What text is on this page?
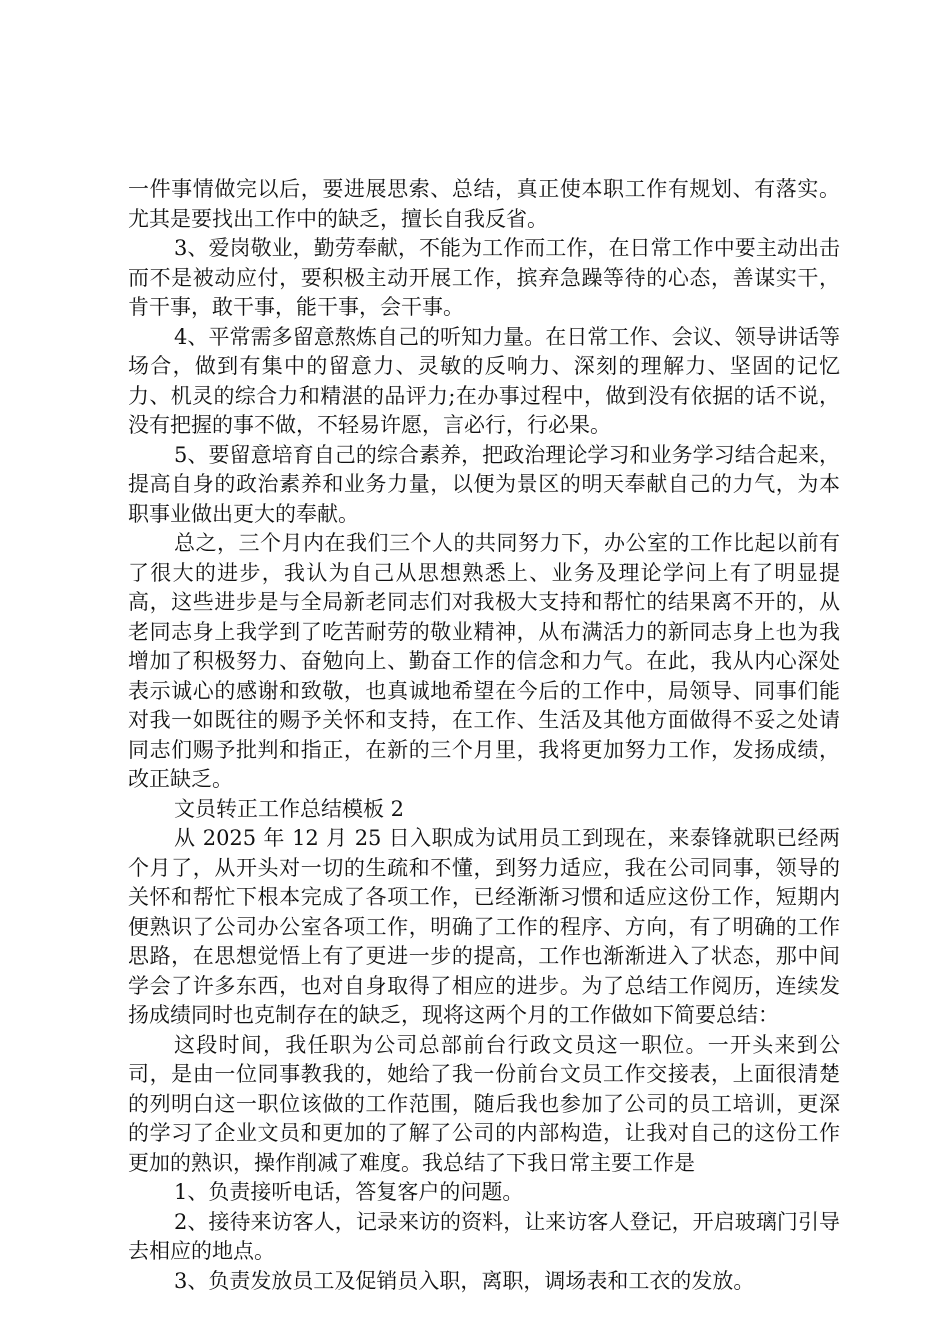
一件事情做完以后，要进展思索、总结，真正使本职工作有规划、有落实。尤其是要找出工作中的缺乏，擅长自我反省。

3、爱岗敬业，勤劳奉献，不能为工作而工作，在日常工作中要主动出击而不是被动应付，要积极主动开展工作，摈弃急躁等待的心态，善谋实干，肯干事，敢干事，能干事，会干事。

4、平常需多留意熬炼自己的听知力量。在日常工作、会议、领导讲话等场合，做到有集中的留意力、灵敏的反响力、深刻的理解力、坚固的记忆力、机灵的综合力和精湛的品评力;在办事过程中，做到没有依据的话不说，没有把握的事不做，不轻易许愿，言必行，行必果。

5、要留意培育自己的综合素养，把政治理论学习和业务学习结合起来，提高自身的政治素养和业务力量，以便为景区的明天奉献自己的力气，为本职事业做出更大的奉献。

总之，三个月内在我们三个人的共同努力下，办公室的工作比起以前有了很大的进步，我认为自己从思想熟悉上、业务及理论学问上有了明显提高，这些进步是与全局新老同志们对我极大支持和帮忙的结果离不开的，从老同志身上我学到了吃苦耐劳的敬业精神，从布满活力的新同志身上也为我增加了积极努力、奋勉向上、勤奋工作的信念和力气。在此，我从内心深处表示诚心的感谢和致敬，也真诚地希望在今后的工作中，局领导、同事们能对我一如既往的赐予关怀和支持，在工作、生活及其他方面做得不妥之处请同志们赐予批判和指正，在新的三个月里，我将更加努力工作，发扬成绩，改正缺乏。

文员转正工作总结模板 2

从 2025 年 12 月 25 日入职成为试用员工到现在，来泰锋就职已经两个月了，从开头对一切的生疏和不懂，到努力适应，我在公司同事，领导的关怀和帮忙下根本完成了各项工作，已经渐渐习惯和适应这份工作，短期内便熟识了公司办公室各项工作，明确了工作的程序、方向，有了明确的工作思路，在思想觉悟上有了更进一步的提高，工作也渐渐进入了状态，那中间学会了许多东西，也对自身取得了相应的进步。为了总结工作阅历，连续发扬成绩同时也克制存在的缺乏，现将这两个月的工作做如下简要总结：

这段时间，我任职为公司总部前台行政文员这一职位。一开头来到公司，是由一位同事教我的，她给了我一份前台文员工作交接表，上面很清楚的列明白这一职位该做的工作范围，随后我也参加了公司的员工培训，更深的学习了企业文员和更加的了解了公司的内部构造，让我对自己的这份工作更加的熟识，操作削减了难度。我总结了下我日常主要工作是

1、负责接听电话，答复客户的问题。

2、接待来访客人，记录来访的资料，让来访客人登记，开启玻璃门引导去相应的地点。

3、负责发放员工及促销员入职，离职，调场表和工衣的发放。
